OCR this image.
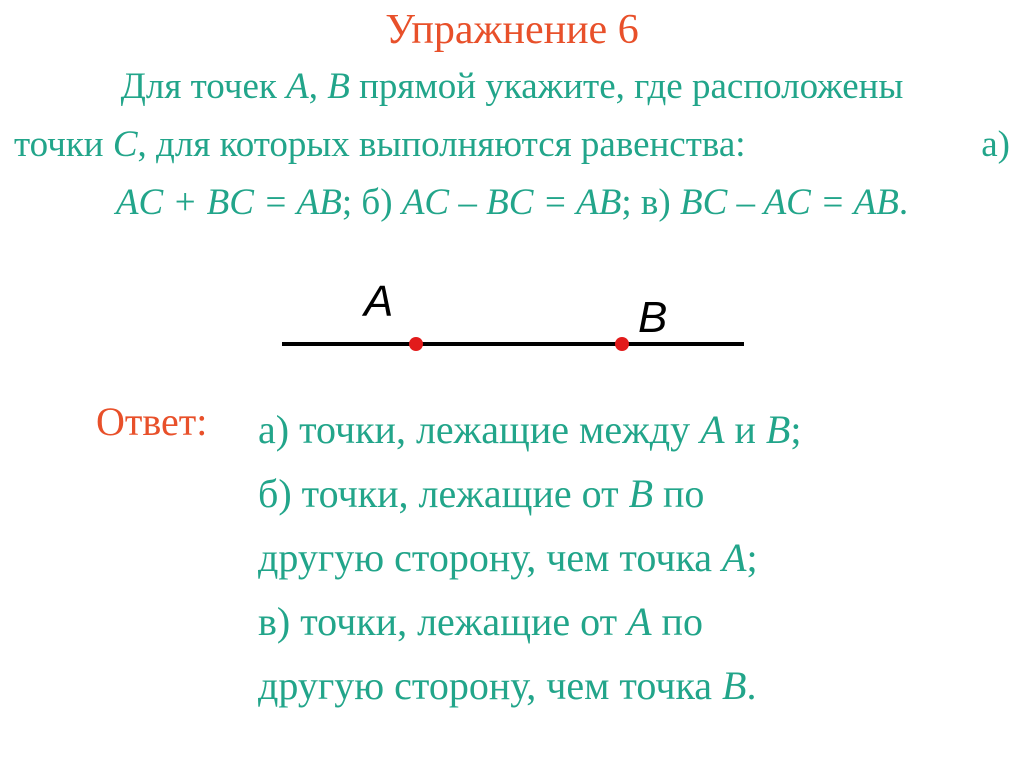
Упражнение 6
Для точек A, B прямой укажите, где расположены
точки C, для которых выполняются равенства:	а)
AC + BC = AB; б) AC – BC = AB; в) BC – AC = AB.
A	B
Ответ: а) точки, лежащие между A и B;
б) точки, лежащие от B по
другую сторону, чем точка A;
в) точки, лежащие от A по
другую сторону, чем точка B.
